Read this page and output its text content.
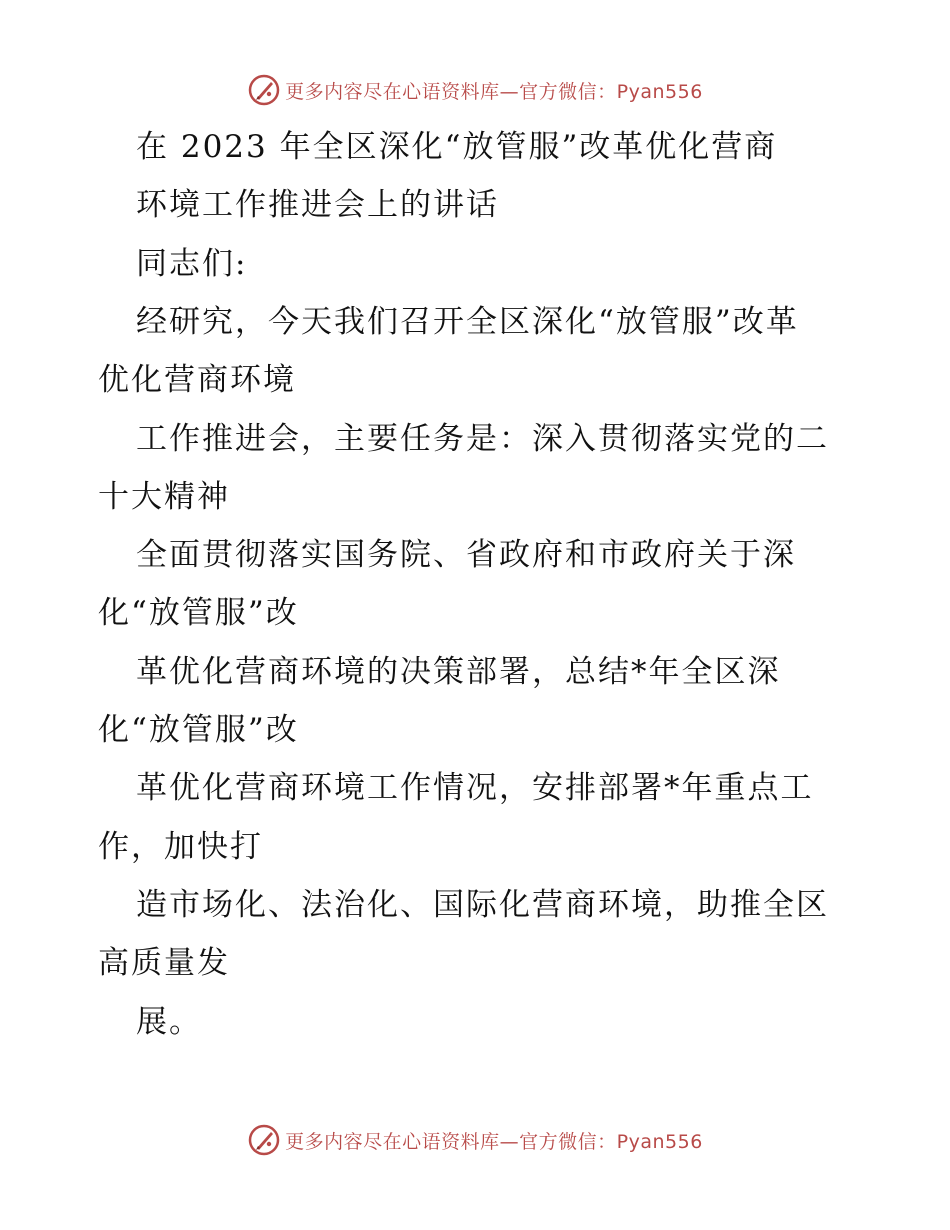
更多内容尽在心语资料库—官方微信：Pyan556
在 2023 年全区深化“放管服”改革优化营商
环境工作推进会上的讲话
同志们:
经研究，今天我们召开全区深化“放管服”改革
优化营商环境
工作推进会，主要任务是：深入贯彻落实党的二
十大精神
全面贯彻落实国务院、省政府和市政府关于深
化“放管服”改
革优化营商环境的决策部署，总结*年全区深
化“放管服”改
革优化营商环境工作情况，安排部署*年重点工
作，加快打
造市场化、法治化、国际化营商环境，助推全区
高质量发
展。
更多内容尽在心语资料库—官方微信：Pyan556
